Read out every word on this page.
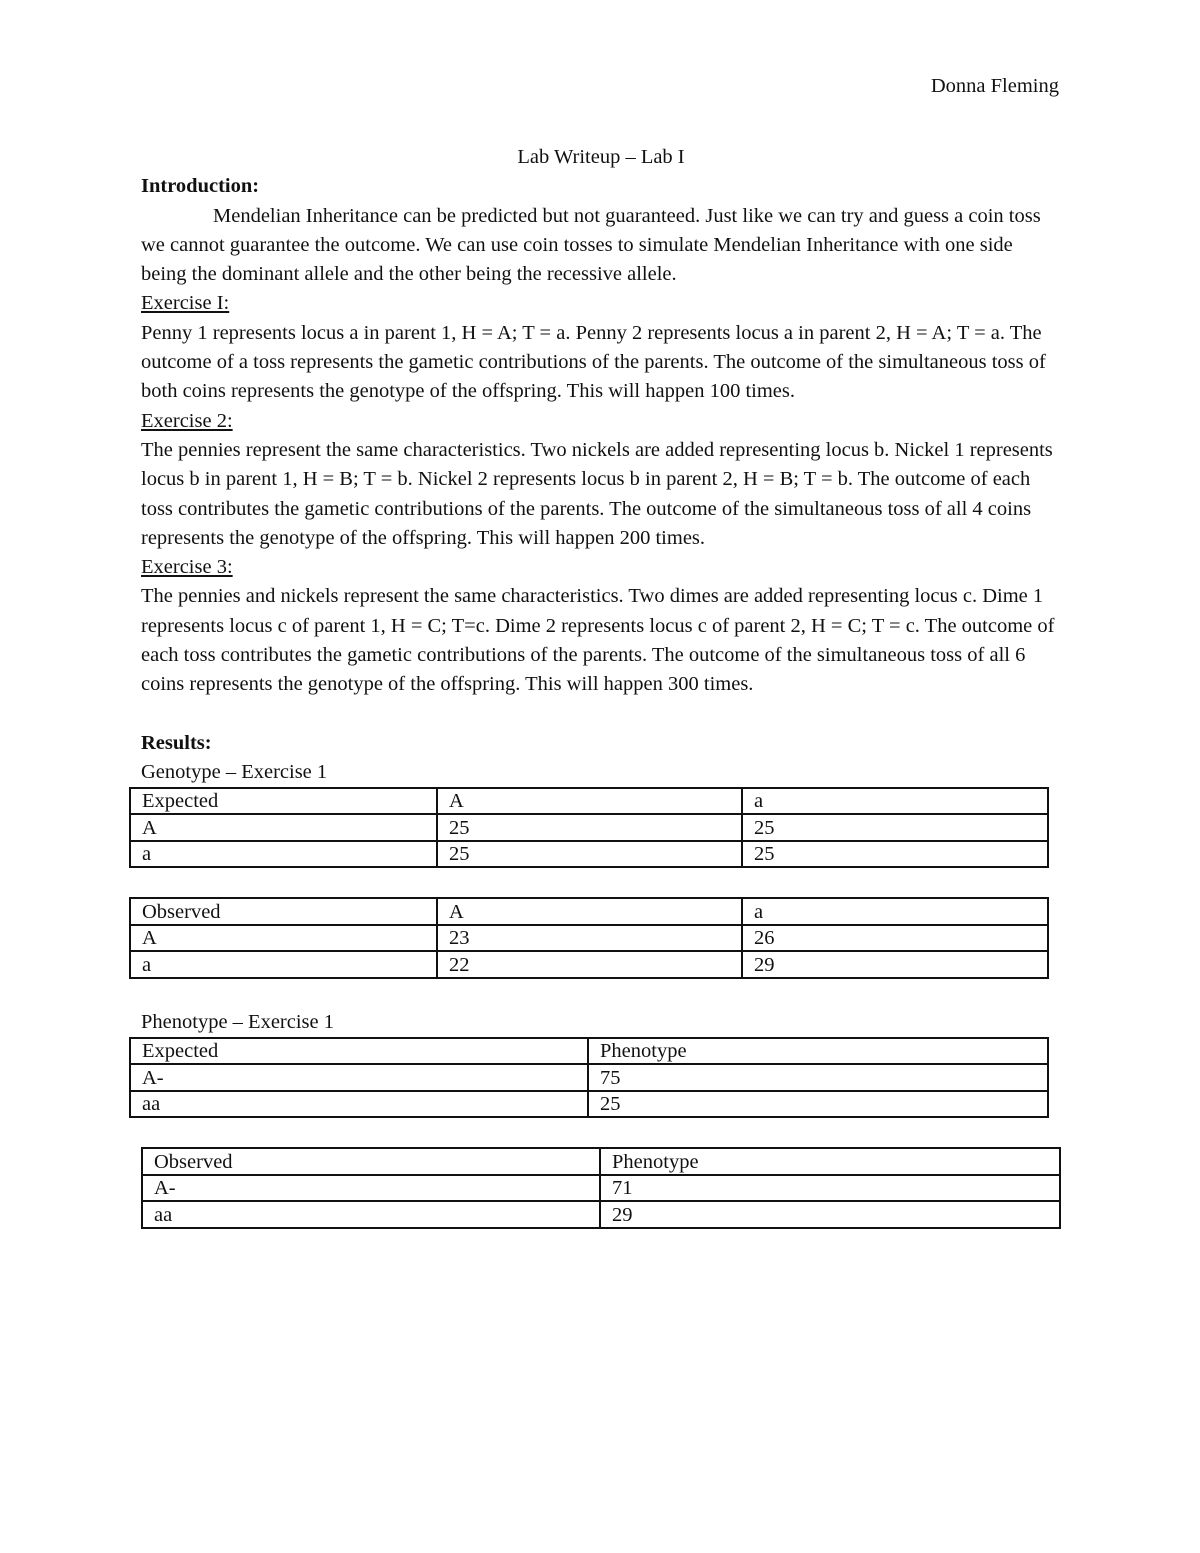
Donna Fleming

Lab Writeup – Lab I

Introduction:

Mendelian Inheritance can be predicted but not guaranteed. Just like we can try and guess a coin toss we cannot guarantee the outcome. We can use coin tosses to simulate Mendelian Inheritance with one side being the dominant allele and the other being the recessive allele.

Exercise I:

Penny 1 represents locus a in parent 1, H = A; T = a. Penny 2 represents locus a in parent 2, H = A; T = a. The outcome of a toss represents the gametic contributions of the parents. The outcome of the simultaneous toss of both coins represents the genotype of the offspring. This will happen 100 times.

Exercise 2:

The pennies represent the same characteristics. Two nickels are added representing locus b. Nickel 1 represents locus b in parent 1, H = B; T = b. Nickel 2 represents locus b in parent 2, H = B; T = b. The outcome of each toss contributes the gametic contributions of the parents. The outcome of the simultaneous toss of all 4 coins represents the genotype of the offspring. This will happen 200 times.

Exercise 3:

The pennies and nickels represent the same characteristics. Two dimes are added representing locus c. Dime 1 represents locus c of parent 1, H = C; T=c. Dime 2 represents locus c of parent 2, H = C; T = c. The outcome of each toss contributes the gametic contributions of the parents. The outcome of the simultaneous toss of all 6 coins represents the genotype of the offspring. This will happen 300 times.

Results:

Genotype – Exercise 1

Expected	A	a
A	25	25
a	25	25
Observed	A	a
A	23	26
a	22	29

Phenotype – Exercise 1

Expected	Phenotype
A-	75
aa	25
Observed	Phenotype
A-	71
aa	29
